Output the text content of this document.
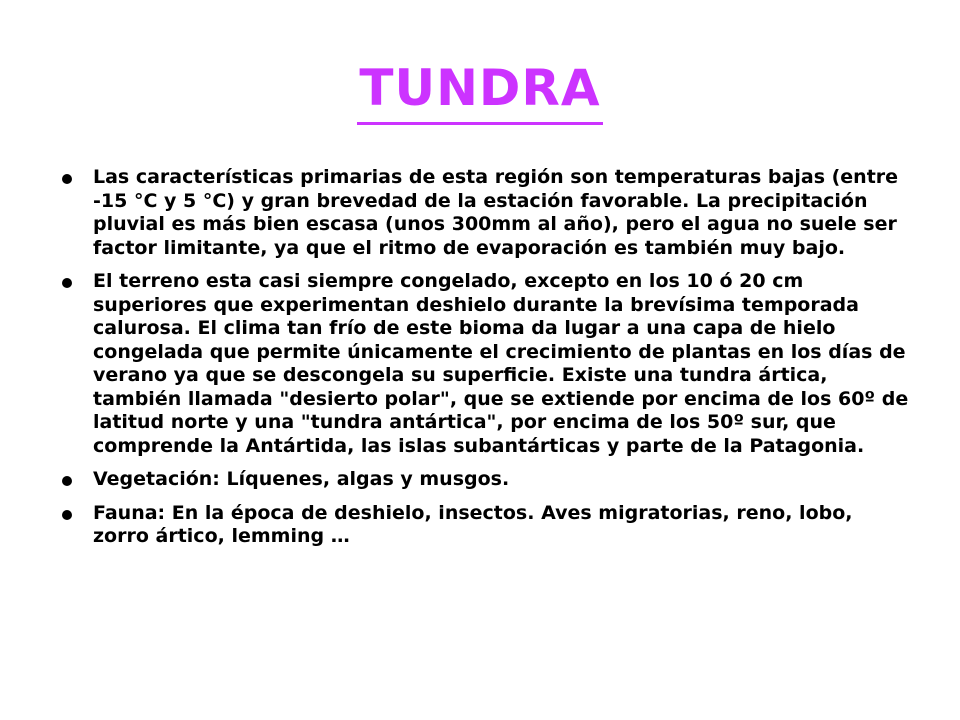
TUNDRA
Las características primarias de esta región son temperaturas bajas (entre -15 °C y 5 °C) y gran brevedad de la estación favorable. La precipitación pluvial es más bien escasa (unos 300mm al año), pero el agua no suele ser factor limitante, ya que el ritmo de evaporación es también muy bajo.
El terreno esta casi siempre congelado, excepto en los 10 ó 20 cm superiores que experimentan deshielo durante la brevísima temporada calurosa. El clima tan frío de este bioma da lugar a una capa de hielo congelada que permite únicamente el crecimiento de plantas en los días de verano ya que se descongela su superficie. Existe una tundra ártica, también llamada "desierto polar", que se extiende por encima de los 60º de latitud norte y una "tundra antártica", por encima de los 50º sur, que comprende la Antártida, las islas subantárticas y parte de la Patagonia.
Vegetación: Líquenes, algas y musgos.
Fauna: En la época de deshielo, insectos. Aves migratorias, reno, lobo, zorro ártico, lemming …
